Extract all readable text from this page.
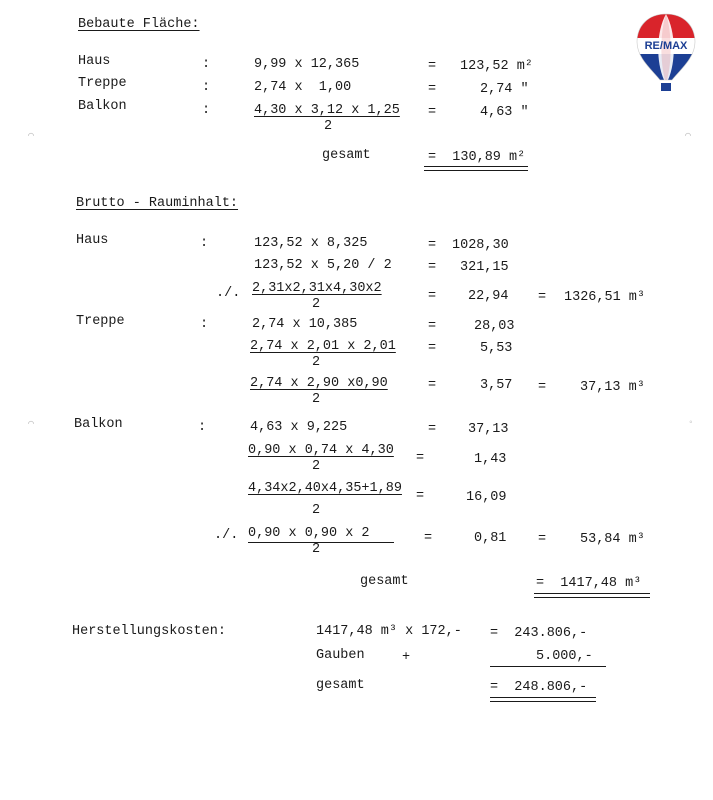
RE/MAX
⌒	⌒
⌒	◦
Bebaute Fläche:
Haus	:	9,99 x 12,365	= 123,52 m²
Treppe	:	2,74 x  1,00	=	2,74 "
Balkon	:	4,30 x 3,12 x 1,25
2
=	4,63 "
gesamt	=  130,89 m²
Brutto - Rauminhalt:
Haus	:	123,52 x 8,325	= 1028,30
123,52 x 5,20 / 2	= 321,15
./. 2,31x2,31x4,30x2
2
= 22,94 = 1326,51 m³
Treppe	:	2,74 x 10,385	=	28,03
2,74 x 2,01 x 2,01
2
=	5,53
2,74 x 2,90 x0,90
2
=	3,57 =	37,13 m³
Balkon	:	4,63 x 9,225	= 37,13
0,90 x 0,74 x 4,30
2
=	1,43
4,34x2,40x4,35+1,89
2
=	16,09
./. 0,90 x 0,90 x 2
2
=	0,81 =	53,84 m³
gesamt	=  1417,48 m³
Herstellungskosten:	1417,48 m³ x 172,- =  243.806,-
Gauben	+	5.000,-
gesamt	=  248.806,-
